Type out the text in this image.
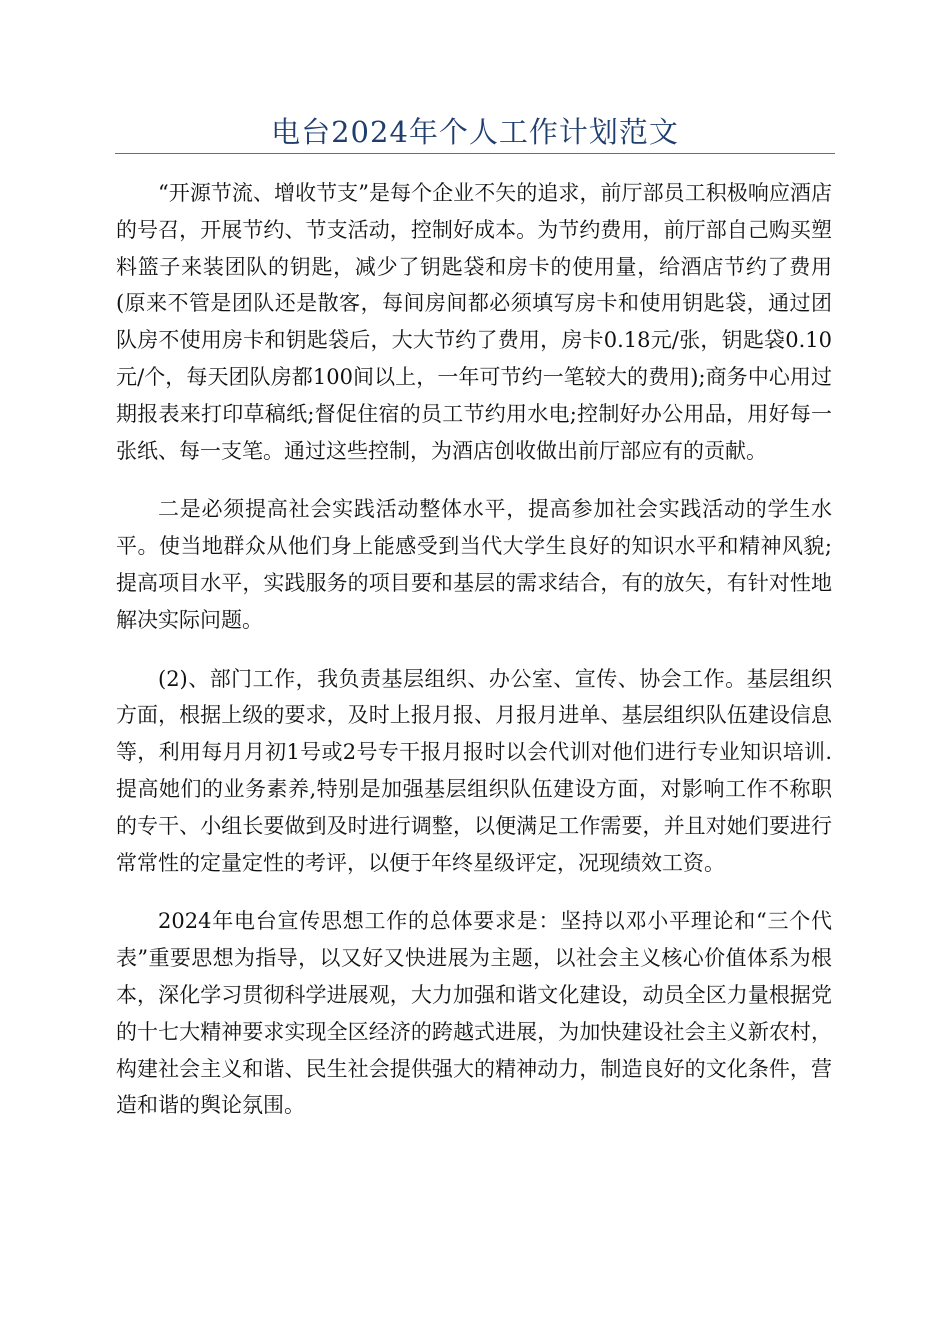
电台2024年个人工作计划范文

“开源节流、增收节支”是每个企业不矢的追求，前厅部员工积极响应酒店的号召，开展节约、节支活动，控制好成本。为节约费用，前厅部自己购买塑料篮子来装团队的钥匙，减少了钥匙袋和房卡的使用量，给酒店节约了费用(原来不管是团队还是散客，每间房间都必须填写房卡和使用钥匙袋，通过团队房不使用房卡和钥匙袋后，大大节约了费用，房卡0.18元/张，钥匙袋0.10元/个，每天团队房都100间以上，一年可节约一笔较大的费用);商务中心用过期报表来打印草稿纸;督促住宿的员工节约用水电;控制好办公用品，用好每一张纸、每一支笔。通过这些控制，为酒店创收做出前厅部应有的贡献。

二是必须提高社会实践活动整体水平，提高参加社会实践活动的学生水平。使当地群众从他们身上能感受到当代大学生良好的知识水平和精神风貌;提高项目水平，实践服务的项目要和基层的需求结合，有的放矢，有针对性地解决实际问题。

(2)、部门工作，我负责基层组织、办公室、宣传、协会工作。基层组织方面，根据上级的要求，及时上报月报、月报月进单、基层组织队伍建设信息等，利用每月月初1号或2号专干报月报时以会代训对他们进行专业知识培训.提高她们的业务素养,特别是加强基层组织队伍建设方面，对影响工作不称职的专干、小组长要做到及时进行调整，以便满足工作需要，并且对她们要进行常常性的定量定性的考评，以便于年终星级评定，况现绩效工资。

2024年电台宣传思想工作的总体要求是：坚持以邓小平理论和“三个代表”重要思想为指导，以又好又快进展为主题，以社会主义核心价值体系为根本，深化学习贯彻科学进展观，大力加强和谐文化建设，动员全区力量根据党的十七大精神要求实现全区经济的跨越式进展，为加快建设社会主义新农村，构建社会主义和谐、民生社会提供强大的精神动力，制造良好的文化条件，营造和谐的舆论氛围。
